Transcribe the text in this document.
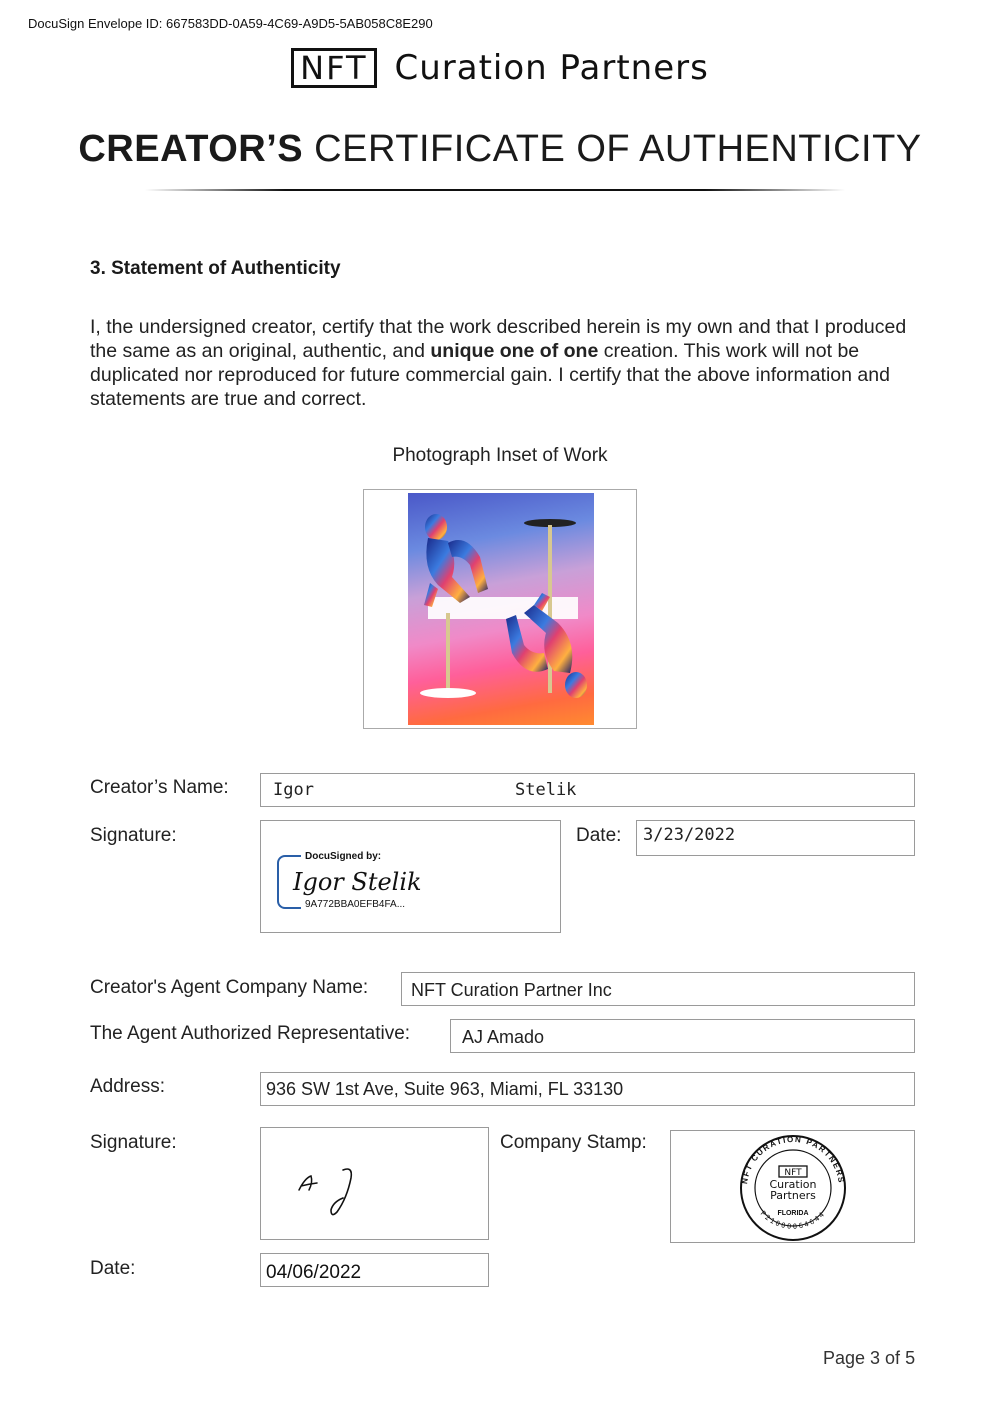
DocuSign Envelope ID: 667583DD-0A59-4C69-A9D5-5AB058C8E290
NFT Curation Partners
CREATOR’S CERTIFICATE OF AUTHENTICITY
3. Statement of Authenticity
I, the undersigned creator, certify that the work described herein is my own and that I produced the same as an original, authentic, and unique one of one creation. This work will not be duplicated nor reproduced for future commercial gain. I certify that the above information and statements are true and correct.
Photograph Inset of Work
Creator’s Name:	Igor	Stelik
Signature:
DocuSigned by:
Igor Stelik
9A772BBA0EFB4FA...
Date: 3/23/2022
Creator's Agent Company Name: NFT Curation Partner Inc
The Agent Authorized Representative:	AJ Amado
Address:	936 SW 1st Ave, Suite 963, Miami, FL 33130
Signature:	Company Stamp:
NFT
Curation
Partners
FLORIDA
NFT CURATION PARTNERS
P21000064644
Date:	04/06/2022
Page 3 of 5
